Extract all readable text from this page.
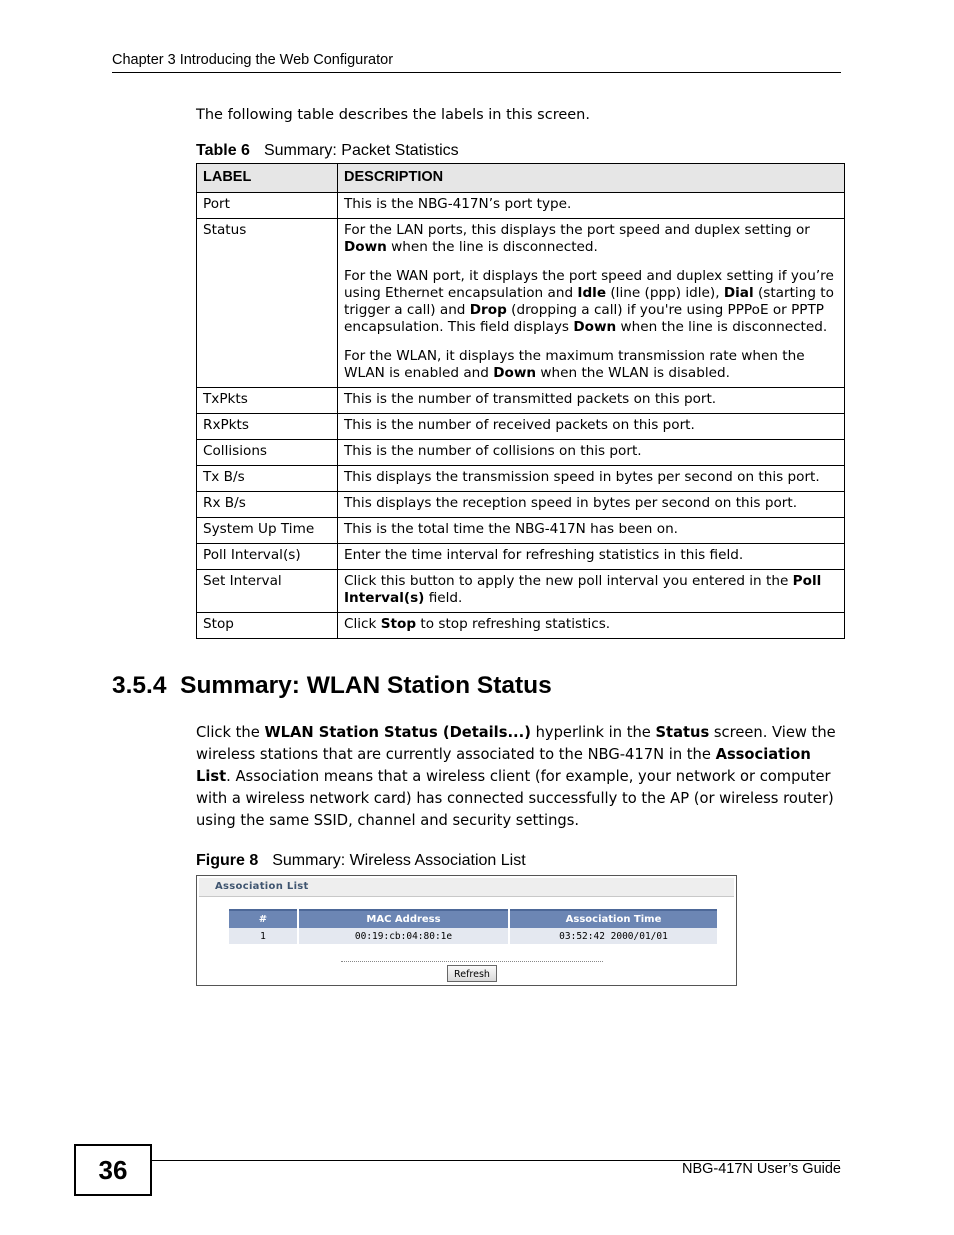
Chapter 3 Introducing the Web Configurator
The following table describes the labels in this screen.
Table 6 Summary: Packet Statistics
LABEL	DESCRIPTION
Port	This is the NBG-417N’s port type.
Status	For the LAN ports, this displays the port speed and duplex setting or Down when the line is disconnected.

For the WAN port, it displays the port speed and duplex setting if you’re using Ethernet encapsulation and Idle (line (ppp) idle), Dial (starting to trigger a call) and Drop (dropping a call) if you're using PPPoE or PPTP encapsulation. This field displays Down when the line is disconnected.

For the WLAN, it displays the maximum transmission rate when the WLAN is enabled and Down when the WLAN is disabled.

TxPkts	This is the number of transmitted packets on this port.
RxPkts	This is the number of received packets on this port.
Collisions	This is the number of collisions on this port.
Tx B/s	This displays the transmission speed in bytes per second on this port.
Rx B/s	This displays the reception speed in bytes per second on this port.
System Up Time	This is the total time the NBG-417N has been on.
Poll Interval(s)	Enter the time interval for refreshing statistics in this field.
Set Interval	Click this button to apply the new poll interval you entered in the Poll Interval(s) field.

Stop	Click Stop to stop refreshing statistics.

3.5.4 Summary: WLAN Station Status
Click the WLAN Station Status (Details...) hyperlink in the Status screen. View the wireless stations that are currently associated to the NBG-417N in the Association List. Association means that a wireless client (for example, your network or computer with a wireless network card) has connected successfully to the AP (or wireless router) using the same SSID, channel and security settings.
Figure 8 Summary: Wireless Association List
Association List
#	MAC Address	Association Time
1	00:19:cb:04:80:1e	03:52:42 2000/01/01
Refresh
36	NBG-417N User’s Guide
